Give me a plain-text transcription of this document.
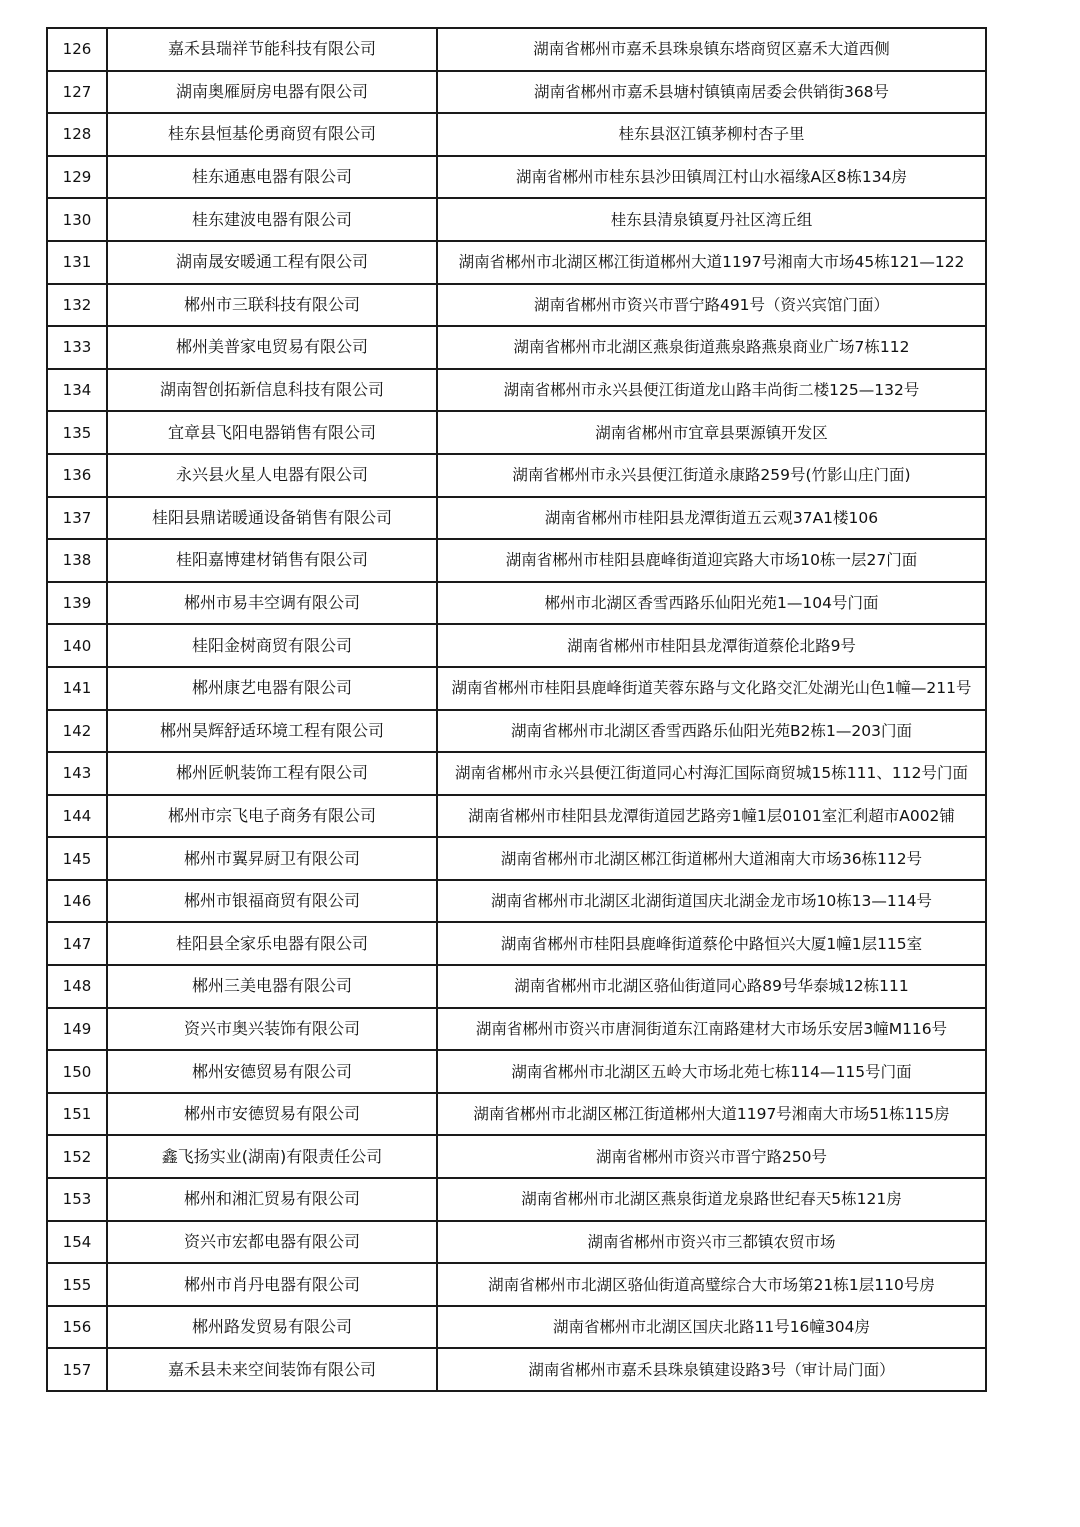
126	嘉禾县瑞祥节能科技有限公司	湖南省郴州市嘉禾县珠泉镇东塔商贸区嘉禾大道西侧
127	湖南奥雁厨房电器有限公司	湖南省郴州市嘉禾县塘村镇镇南居委会供销街368号
128	桂东县恒基伦勇商贸有限公司	桂东县沤江镇茅柳村杏子里
129	桂东通惠电器有限公司	湖南省郴州市桂东县沙田镇周江村山水福缘A区8栋134房
130	桂东建波电器有限公司	桂东县清泉镇夏丹社区湾丘组
131	湖南晟安暖通工程有限公司	湖南省郴州市北湖区郴江街道郴州大道1197号湘南大市场45栋121—122
132	郴州市三联科技有限公司	湖南省郴州市资兴市晋宁路491号（资兴宾馆门面）
133	郴州美普家电贸易有限公司	湖南省郴州市北湖区燕泉街道燕泉路燕泉商业广场7栋112
134	湖南智创拓新信息科技有限公司	湖南省郴州市永兴县便江街道龙山路丰尚街二楼125—132号
135	宜章县飞阳电器销售有限公司	湖南省郴州市宜章县栗源镇开发区
136	永兴县火星人电器有限公司	湖南省郴州市永兴县便江街道永康路259号(竹影山庄门面)
137	桂阳县鼎诺暖通设备销售有限公司	湖南省郴州市桂阳县龙潭街道五云观37A1楼106
138	桂阳嘉博建材销售有限公司	湖南省郴州市桂阳县鹿峰街道迎宾路大市场10栋一层27门面
139	郴州市易丰空调有限公司	郴州市北湖区香雪西路乐仙阳光苑1—104号门面
140	桂阳金树商贸有限公司	湖南省郴州市桂阳县龙潭街道蔡伦北路9号
141	郴州康艺电器有限公司	湖南省郴州市桂阳县鹿峰街道芙蓉东路与文化路交汇处湖光山色1幢—211号
142	郴州昊辉舒适环境工程有限公司	湖南省郴州市北湖区香雪西路乐仙阳光苑B2栋1—203门面
143	郴州匠帆装饰工程有限公司	湖南省郴州市永兴县便江街道同心村海汇国际商贸城15栋111、112号门面
144	郴州市宗飞电子商务有限公司	湖南省郴州市桂阳县龙潭街道园艺路旁1幢1层0101室汇利超市A002铺
145	郴州市翼昇厨卫有限公司	湖南省郴州市北湖区郴江街道郴州大道湘南大市场36栋112号
146	郴州市银福商贸有限公司	湖南省郴州市北湖区北湖街道国庆北湖金龙市场10栋13—114号
147	桂阳县全家乐电器有限公司	湖南省郴州市桂阳县鹿峰街道蔡伦中路恒兴大厦1幢1层115室
148	郴州三美电器有限公司	湖南省郴州市北湖区骆仙街道同心路89号华泰城12栋111
149	资兴市奥兴装饰有限公司	湖南省郴州市资兴市唐洞街道东江南路建材大市场乐安居3幢M116号
150	郴州安德贸易有限公司	湖南省郴州市北湖区五岭大市场北苑七栋114—115号门面
151	郴州市安德贸易有限公司	湖南省郴州市北湖区郴江街道郴州大道1197号湘南大市场51栋115房
152	鑫飞扬实业(湖南)有限责任公司	湖南省郴州市资兴市晋宁路250号
153	郴州和湘汇贸易有限公司	湖南省郴州市北湖区燕泉街道龙泉路世纪春天5栋121房
154	资兴市宏都电器有限公司	湖南省郴州市资兴市三都镇农贸市场
155	郴州市肖丹电器有限公司	湖南省郴州市北湖区骆仙街道高璧综合大市场第21栋1层110号房
156	郴州路发贸易有限公司	湖南省郴州市北湖区国庆北路11号16幢304房
157	嘉禾县未来空间装饰有限公司	湖南省郴州市嘉禾县珠泉镇建设路3号（审计局门面）
